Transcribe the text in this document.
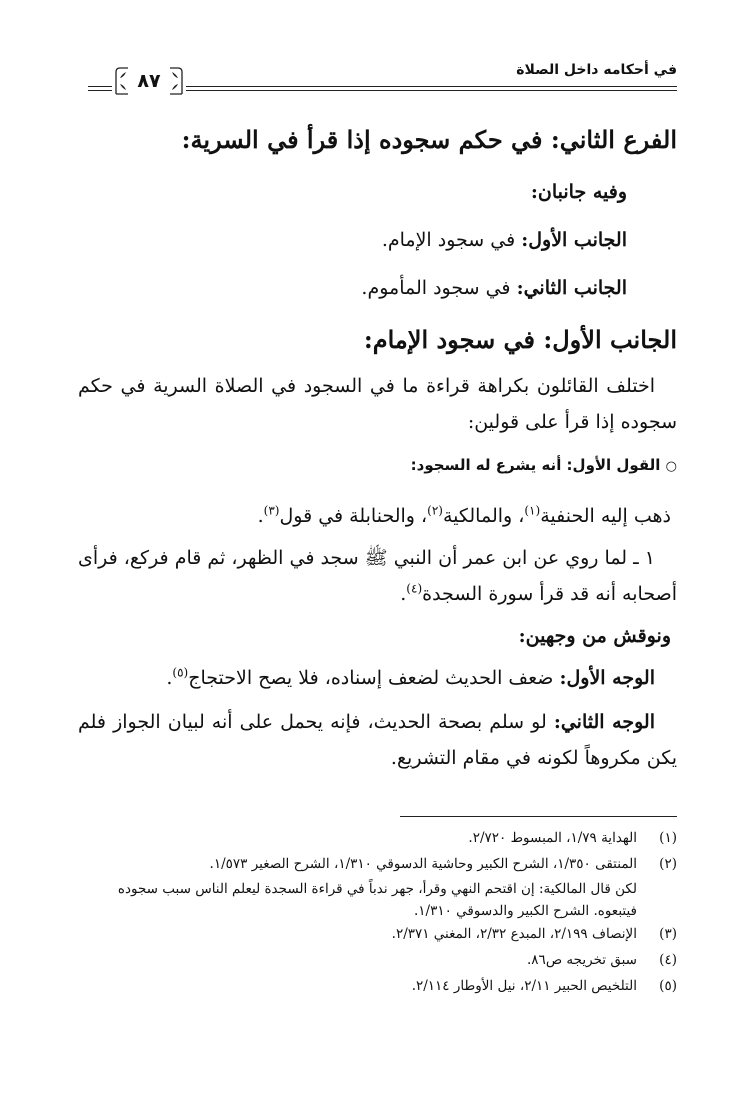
في أحكامه داخل الصلاة

٨٧

الفرع الثاني: في حكم سجوده إذا قرأ في السرية:

وفيه جانبان:

الجانب الأول: في سجود الإمام.

الجانب الثاني: في سجود المأموم.

الجانب الأول: في سجود الإمام:

اختلف القائلون بكراهة قراءة ما في السجود في الصلاة السرية في حكم سجوده إذا قرأ على قولين:

○ القول الأول: أنه يشرع له السجود:

ذهب إليه الحنفية$^{(١)}$، والمالكية$^{(٢)}$، والحنابلة في قول$^{(٣)}$.

١ ـ لما روي عن ابن عمر أن النبي ﷺ سجد في الظهر، ثم قام فركع، فرأى أصحابه أنه قد قرأ سورة السجدة$^{(٤)}$.

ونوقش من وجهين:

الوجه الأول: ضعف الحديث لضعف إسناده، فلا يصح الاحتجاج$^{(٥)}$.

الوجه الثاني: لو سلم بصحة الحديث، فإنه يحمل على أنه لبيان الجواز فلم يكن مكروهاً لكونه في مقام التشريع.

(١)
الهداية ١/٧٩، المبسوط ٢/٧٢٠.
(٢)
المنتقى ١/٣٥٠، الشرح الكبير وحاشية الدسوقي ١/٣١٠، الشرح الصغير ١/٥٧٣.
لكن قال المالكية: إن اقتحم النهي وقرأ، جهر ندباً في قراءة السجدة ليعلم الناس سبب سجوده فيتبعوه. الشرح الكبير والدسوقي ١/٣١٠.
(٣)
الإنصاف ٢/١٩٩، المبدع ٢/٣٢، المغني ٢/٣٧١.
(٤)
سبق تخريجه ص٨٦.
(٥)
التلخيص الحبير ٢/١١، نيل الأوطار ٢/١١٤.
